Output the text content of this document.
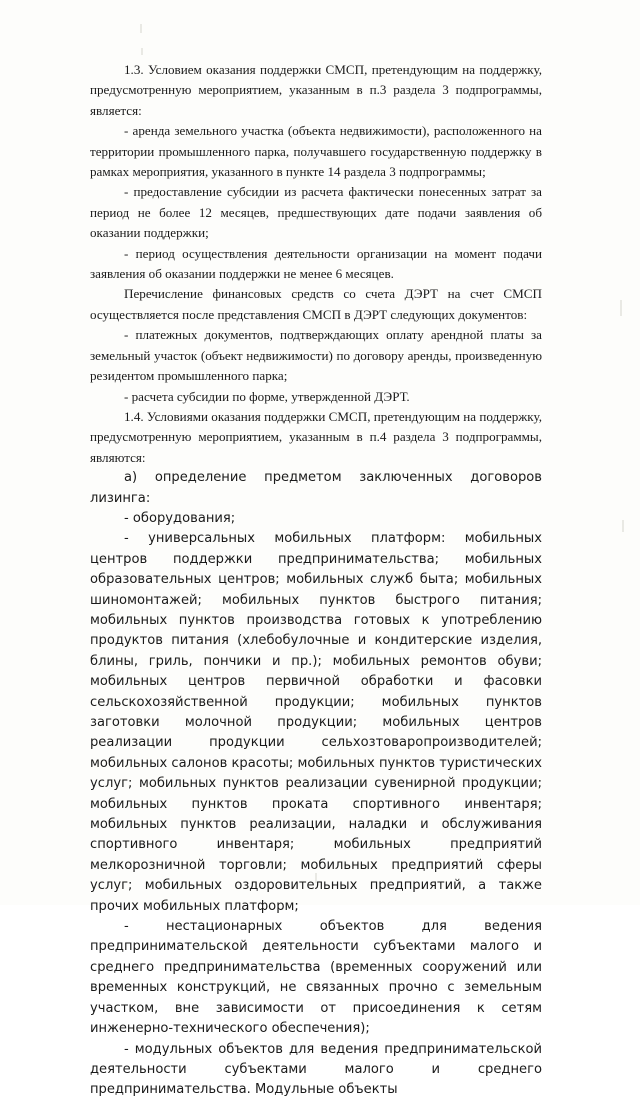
1.3. Условием оказания поддержки СМСП, претендующим на поддержку, предусмотренную мероприятием, указанным в п.3 раздела 3 подпрограммы, является:

- аренда земельного участка (объекта недвижимости), расположенного на территории промышленного парка, получавшего государственную поддержку в рамках мероприятия, указанного в пункте 14 раздела 3 подпрограммы;

- предоставление субсидии из расчета фактически понесенных затрат за период не более 12 месяцев, предшествующих дате подачи заявления об оказании поддержки;

- период осуществления деятельности организации на момент подачи заявления об оказании поддержки не менее 6 месяцев.

Перечисление финансовых средств со счета ДЭРТ на счет СМСП осуществляется после представления СМСП в ДЭРТ следующих документов:

- платежных документов, подтверждающих оплату арендной платы за земельный участок (объект недвижимости) по договору аренды, произведенную резидентом промышленного парка;

- расчета субсидии по форме, утвержденной ДЭРТ.

1.4. Условиями оказания поддержки СМСП, претендующим на поддержку, предусмотренную мероприятием, указанным в п.4 раздела 3 подпрограммы, являются:

а) определение предметом заключенных договоров лизинга:

- оборудования;

- универсальных мобильных платформ: мобильных центров поддержки предпринимательства; мобильных образовательных центров; мобильных служб быта; мобильных шиномонтажей; мобильных пунктов быстрого питания; мобильных пунктов производства готовых к употреблению продуктов питания (хлебобулочные и кондитерские изделия, блины, гриль, пончики и пр.); мобильных ремонтов обуви; мобильных центров первичной обработки и фасовки сельскохозяйственной продукции; мобильных пунктов заготовки молочной продукции; мобильных центров реализации продукции сельхозтоваропроизводителей; мобильных салонов красоты; мобильных пунктов туристических услуг; мобильных пунктов реализации сувенирной продукции; мобильных пунктов проката спортивного инвентаря; мобильных пунктов реализации, наладки и обслуживания спортивного инвентаря; мобильных предприятий мелкорозничной торговли; мобильных предприятий сферы услуг; мобильных оздоровительных предприятий, а также прочих мобильных платформ;

- нестационарных объектов для ведения предпринимательской деятельности субъектами малого и среднего предпринимательства (временных сооружений или временных конструкций, не связанных прочно с земельным участком, вне зависимости от присоединения к сетям инженерно-технического обеспечения);

- модульных объектов для ведения предпринимательской деятельности субъектами малого и среднего предпринимательства. Модульные объекты
